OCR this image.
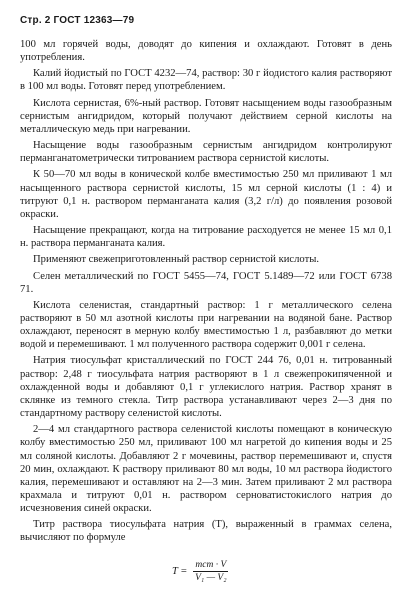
Стр. 2 ГОСТ 12363—79

100 мл горячей воды, доводят до кипения и охлаждают. Готовят в день употребления.

Калий йодистый по ГОСТ 4232—74, раствор: 30 г йодистого калия растворяют в 100 мл воды. Готовят перед употреблением.

Кислота сернистая, 6%-ный раствор. Готовят насыщением воды газообразным сернистым ангидридом, который получают действием серной кислоты на металлическую медь при нагревании.

Насыщение воды газообразным сернистым ангидридом контролируют перманганатометрически титрованием раствора сернистой кислоты.

К 50—70 мл воды в конической колбе вместимостью 250 мл приливают 1 мл насыщенного раствора сернистой кислоты, 15 мл серной кислоты (1 : 4) и титруют 0,1 н. раствором перманганата калия (3,2 г/л) до появления розовой окраски.

Насыщение прекращают, когда на титрование расходуется не менее 15 мл 0,1 н. раствора перманганата калия.

Применяют свежеприготовленный раствор сернистой кислоты.

Селен металлический по ГОСТ 5455—74, ГОСТ 5.1489—72 или ГОСТ 6738 71.

Кислота селенистая, стандартный раствор: 1 г металлического селена растворяют в 50 мл азотной кислоты при нагревании на водяной бане. Раствор охлаждают, переносят в мерную колбу вместимостью 1 л, разбавляют до метки водой и перемешивают. 1 мл полученного раствора содержит 0,001 г селена.

Натрия тиосульфат кристаллический по ГОСТ 244 76, 0,01 н. титрованный раствор: 2,48 г тиосульфата натрия растворяют в 1 л свежепрокипяченной и охлажденной воды и добавляют 0,1 г углекислого натрия. Раствор хранят в склянке из темного стекла. Титр раствора устанавливают через 2—3 дня по стандартному раствору селенистой кислоты.

2—4 мл стандартного раствора селенистой кислоты помещают в коническую колбу вместимостью 250 мл, приливают 100 мл нагретой до кипения воды и 25 мл соляной кислоты. Добавляют 2 г мочевины, раствор перемешивают и, спустя 20 мин, охлаждают. К раствору приливают 80 мл воды, 10 мл раствора йодистого калия, перемешивают и оставляют на 2—3 мин. Затем приливают 2 мл раствора крахмала и титруют 0,01 н. раствором серноватистокислого натрия до исчезновения синей окраски.

Титр раствора тиосульфата натрия (T), выраженный в граммах селена, вычисляют по формуле

$T = \frac{\text{mст · V}}{\text{V₁ — V₂}}$
